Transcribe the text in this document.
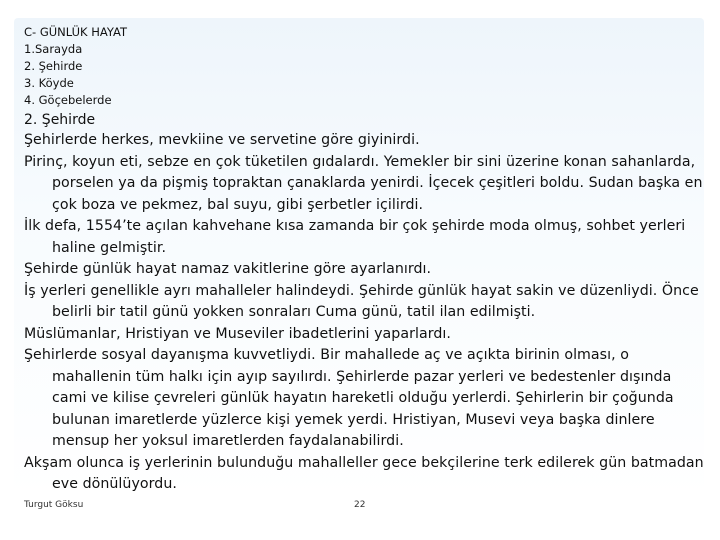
C- GÜNLÜK HAYAT
1.Sarayda
2. Şehirde
3. Köyde
4. Göçebelerde
2. Şehirde
Şehirlerde herkes, mevkiine ve servetine göre giyinirdi.
Pirinç, koyun eti, sebze en çok tüketilen gıdalardı. Yemekler bir sini üzerine konan sahanlarda, porselen ya da pişmiş topraktan çanaklarda yenirdi. İçecek çeşitleri boldu. Sudan başka en çok boza ve pekmez, bal suyu, gibi şerbetler içilirdi.
İlk defa, 1554’te açılan kahvehane kısa zamanda bir çok şehirde moda olmuş, sohbet yerleri haline gelmiştir.
Şehirde günlük hayat namaz vakitlerine göre ayarlanırdı.
İş yerleri genellikle ayrı mahalleler halindeydi. Şehirde günlük hayat sakin ve düzenliydi. Önce belirli bir tatil günü yokken sonraları Cuma günü, tatil ilan edilmişti.
Müslümanlar, Hristiyan ve Museviler ibadetlerini yaparlardı.
Şehirlerde sosyal dayanışma kuvvetliydi. Bir mahallede aç ve açıkta birinin olması, o mahallenin tüm halkı için ayıp sayılırdı. Şehirlerde pazar yerleri ve bedestenler dışında cami ve kilise çevreleri günlük hayatın hareketli olduğu yerlerdi. Şehirlerin bir çoğunda bulunan imaretlerde yüzlerce kişi yemek yerdi. Hristiyan, Musevi veya başka dinlere mensup her yoksul imaretlerden faydalanabilirdi.
Akşam olunca iş yerlerinin bulunduğu mahalleller gece bekçilerine terk edilerek gün batmadan eve dönülüyordu.
Turgut Göksu	22
